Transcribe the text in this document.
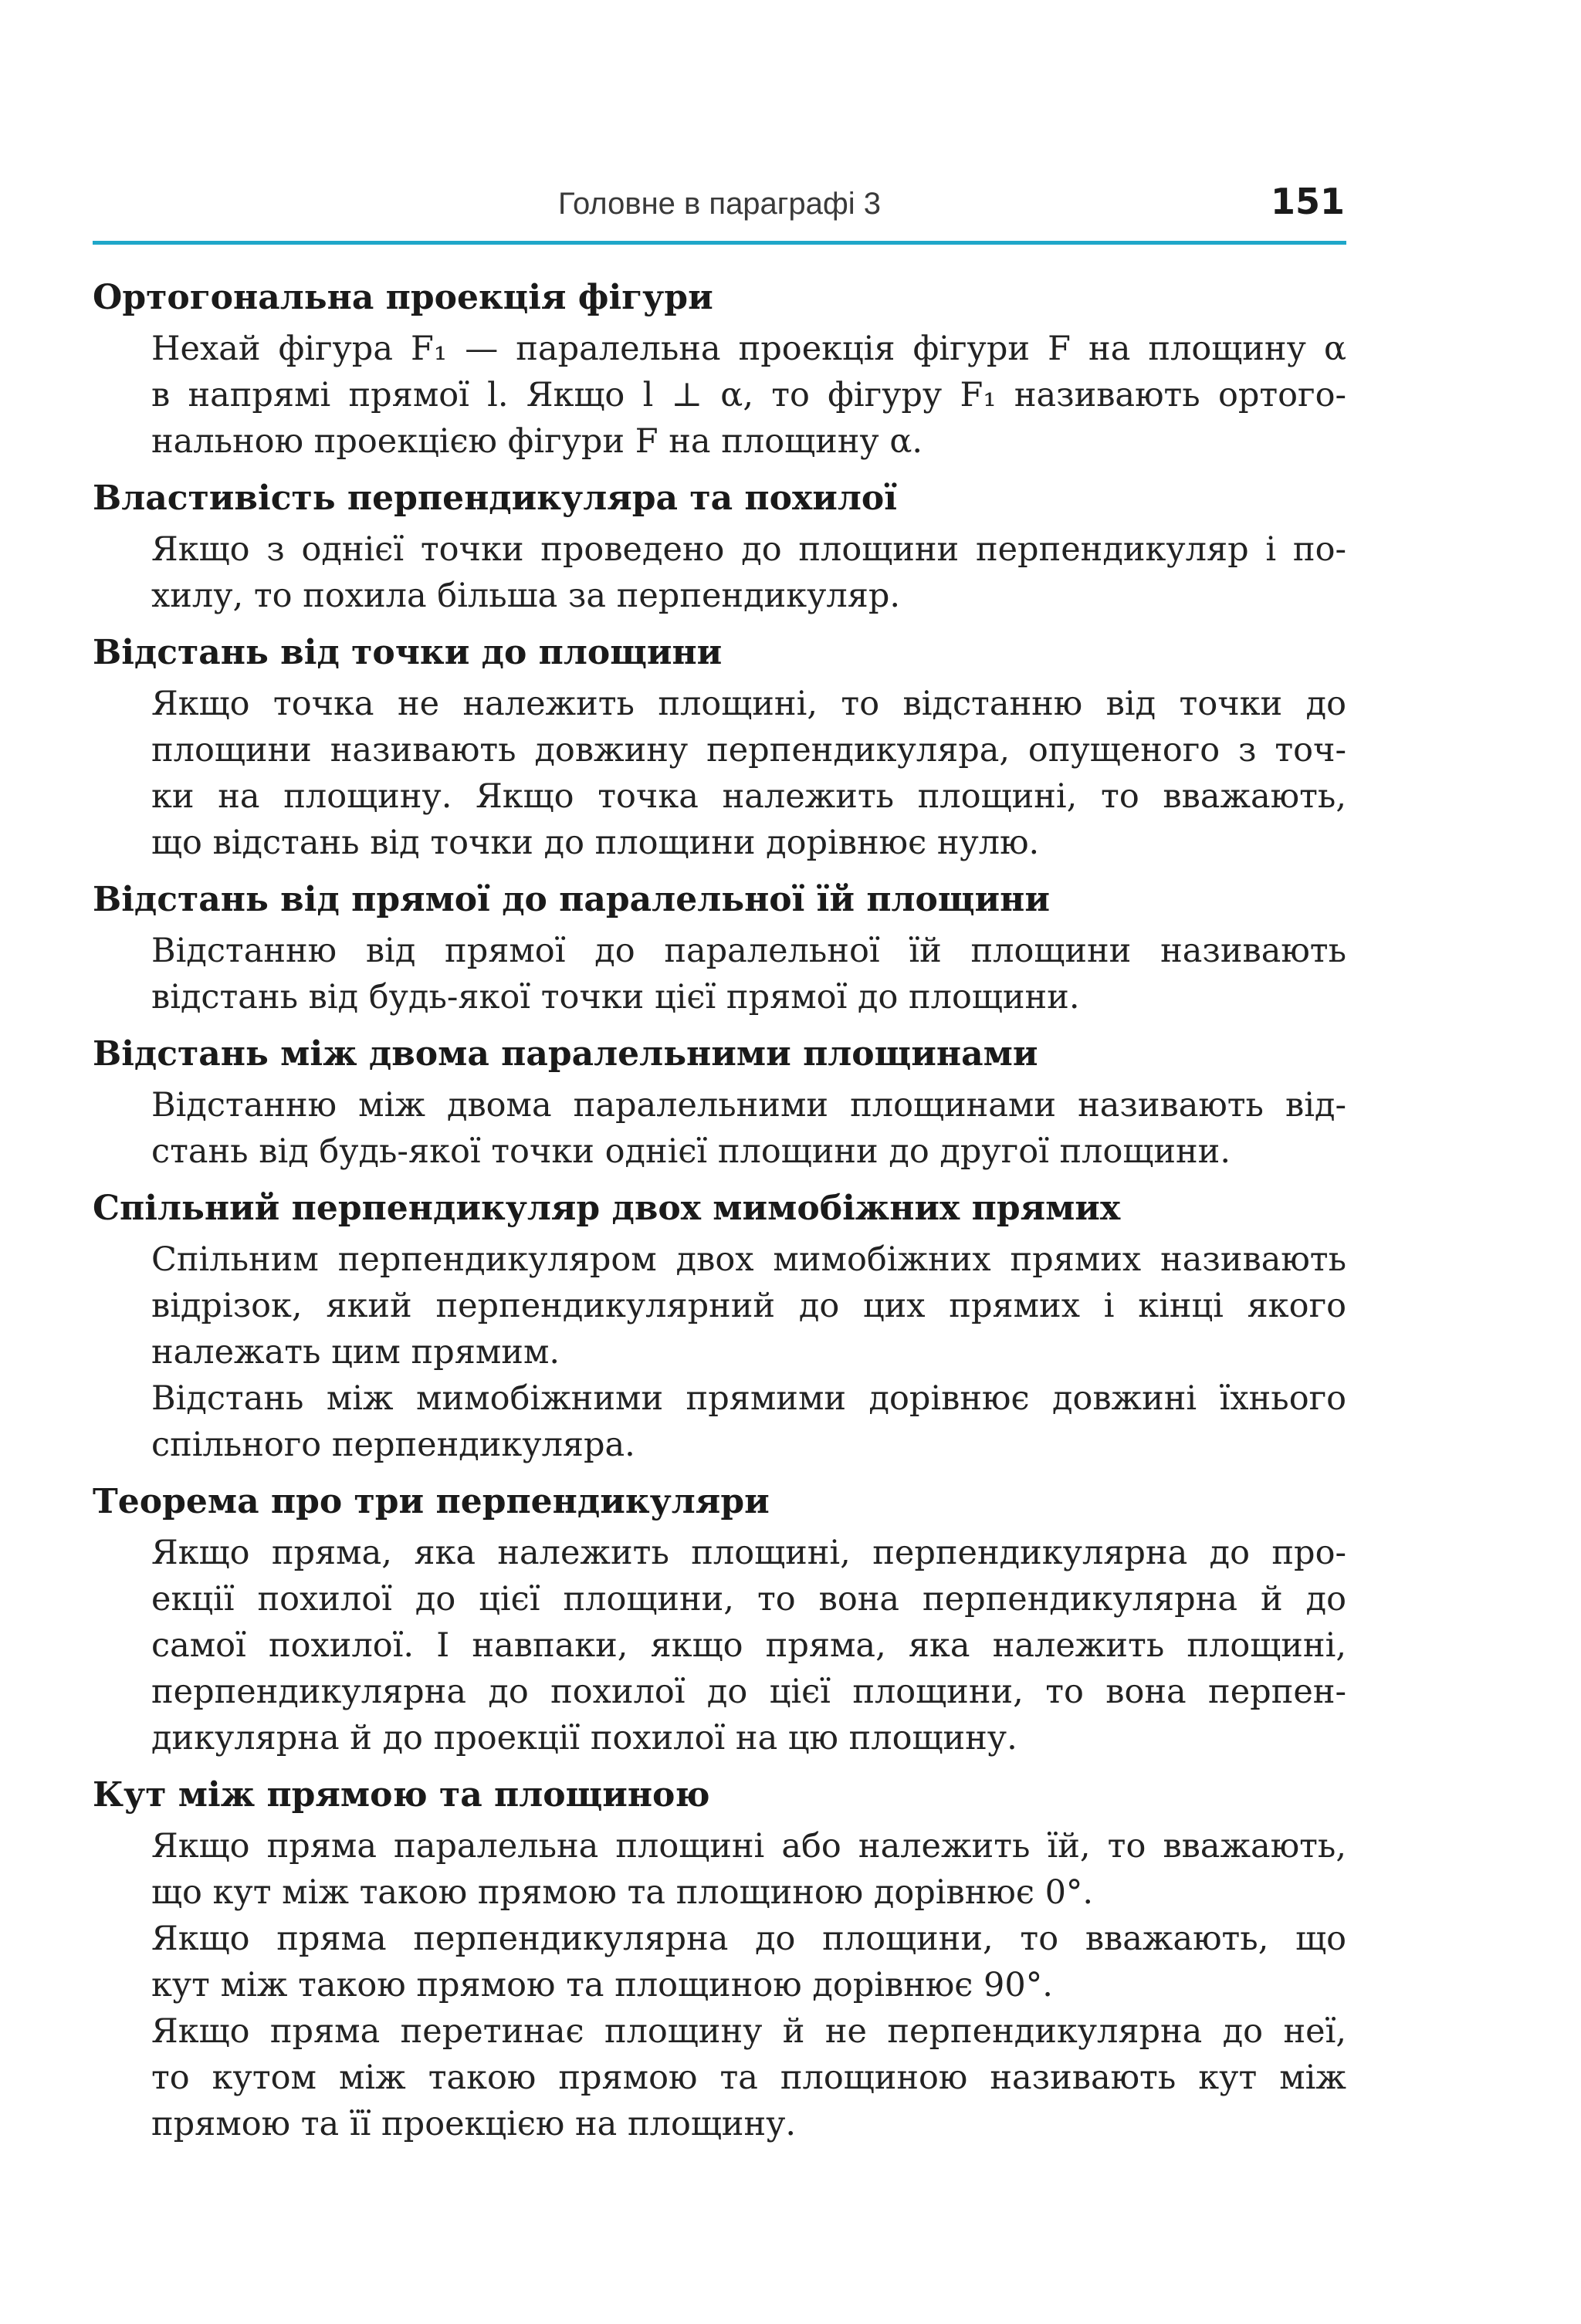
Головне в параграфі 3	151
Ортогональна проекція фігури
Нехай фігура F₁ — паралельна проекція фігури F на площину α
в напрямі прямої l. Якщо l ⊥ α, то фігуру F₁ називають ортого-
нальною проекцією фігури F на площину α.
Властивість перпендикуляра та похилої
Якщо з однієї точки проведено до площини перпендикуляр і по-
хилу, то похила більша за перпендикуляр.
Відстань від точки до площини
Якщо точка не належить площині, то відстанню від точки до
площини називають довжину перпендикуляра, опущеного з точ-
ки на площину. Якщо точка належить площині, то вважають,
що відстань від точки до площини дорівнює нулю.
Відстань від прямої до паралельної їй площини
Відстанню від прямої до паралельної їй площини називають
відстань від будь-якої точки цієї прямої до площини.
Відстань між двома паралельними площинами
Відстанню між двома паралельними площинами називають від-
стань від будь-якої точки однієї площини до другої площини.
Спільний перпендикуляр двох мимобіжних прямих
Спільним перпендикуляром двох мимобіжних прямих називають
відрізок, який перпендикулярний до цих прямих і кінці якого
належать цим прямим.
Відстань між мимобіжними прямими дорівнює довжині їхнього
спільного перпендикуляра.
Теорема про три перпендикуляри
Якщо пряма, яка належить площині, перпендикулярна до про-
екції похилої до цієї площини, то вона перпендикулярна й до
самої похилої. І навпаки, якщо пряма, яка належить площині,
перпендикулярна до похилої до цієї площини, то вона перпен-
дикулярна й до проекції похилої на цю площину.
Кут між прямою та площиною
Якщо пряма паралельна площині або належить їй, то вважають,
що кут між такою прямою та площиною дорівнює 0°.
Якщо пряма перпендикулярна до площини, то вважають, що
кут між такою прямою та площиною дорівнює 90°.
Якщо пряма перетинає площину й не перпендикулярна до неї,
то кутом між такою прямою та площиною називають кут між
прямою та її проекцією на площину.
